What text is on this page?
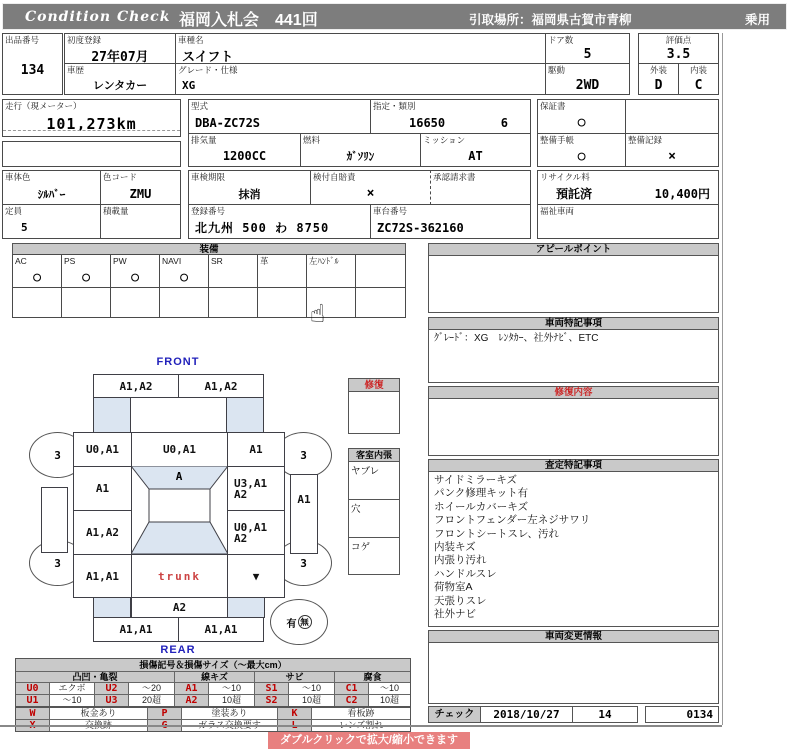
Condition Check 福岡入札会　441回	引取場所：福岡県古賀市青柳	乗用
出品番号
134
初度登録
27年07月
車種名
スイフト
ドア数
5
車歴
レンタカー
グレード・仕様
XG
駆動
2WD
評価点
3.5
外装
D
内装
C
走行（現メーター）
101,273km
型式
DBA-ZC72S
指定・類別
16650	6
排気量
1200CC
燃料
ｶﾞｿﾘﾝ
ミッション
AT
保証書
○
整備手帳
○
整備記録
×
車体色
ｼﾙﾊﾞｰ
色コード
ZMU
定員
5
積載量
車検期限
抹消
検付自賠責
×
承認請求書
登録番号
北九州 500 わ 8750
車台番号
ZC72S-362160
リサイクル料
預託済	10,400円
福祉車両
装備
AC
○
PS
○
PW
○
NAVI
○
SR	革	左ﾊﾝﾄﾞﾙ
☝
アピールポイント
車両特記事項
ｸﾞﾚｰﾄﾞ：XG　ﾚﾝﾀｶｰ、社外ﾅﾋﾞ、ETC
修復内容
査定特記事項
サイドミラーキズ
パンク修理キット有
ホイールカバーキズ
フロントフェンダー左ネジサワリ
フロントシートスレ、汚れ
内装キズ
内張り汚れ
ハンドルスレ
荷物室A
天張りスレ
社外ナビ
車両変更情報
チェック	2018/10/27	14	0134
修復
客室内張
ヤブレ
穴
コゲ
FRONT
3	3
3	3
A1,A2	A1,A2
U0,A1	U0,A1	A1
A1	U3,A1
A2
A1,A2	U0,A1
A2
A1
A
A1,A1	trunk	▼
A2
A1,A1	A1,A1
REAR
有 無
損傷記号＆損傷サイズ（～最大cm）
凸凹・亀裂	線キズ	サビ	腐食
U0	エクボ	U2	～20	A1	～10	S1	～10	C1	～10
U1	～10	U3	20超	A2	10超	S2	10超	C2	10超
W	板金あり	P	塗装あり	K	看板跡
X	交換跡	G	ガラス交換要す	L	レンズ割れ
ダブルクリックで拡大/縮小できます
